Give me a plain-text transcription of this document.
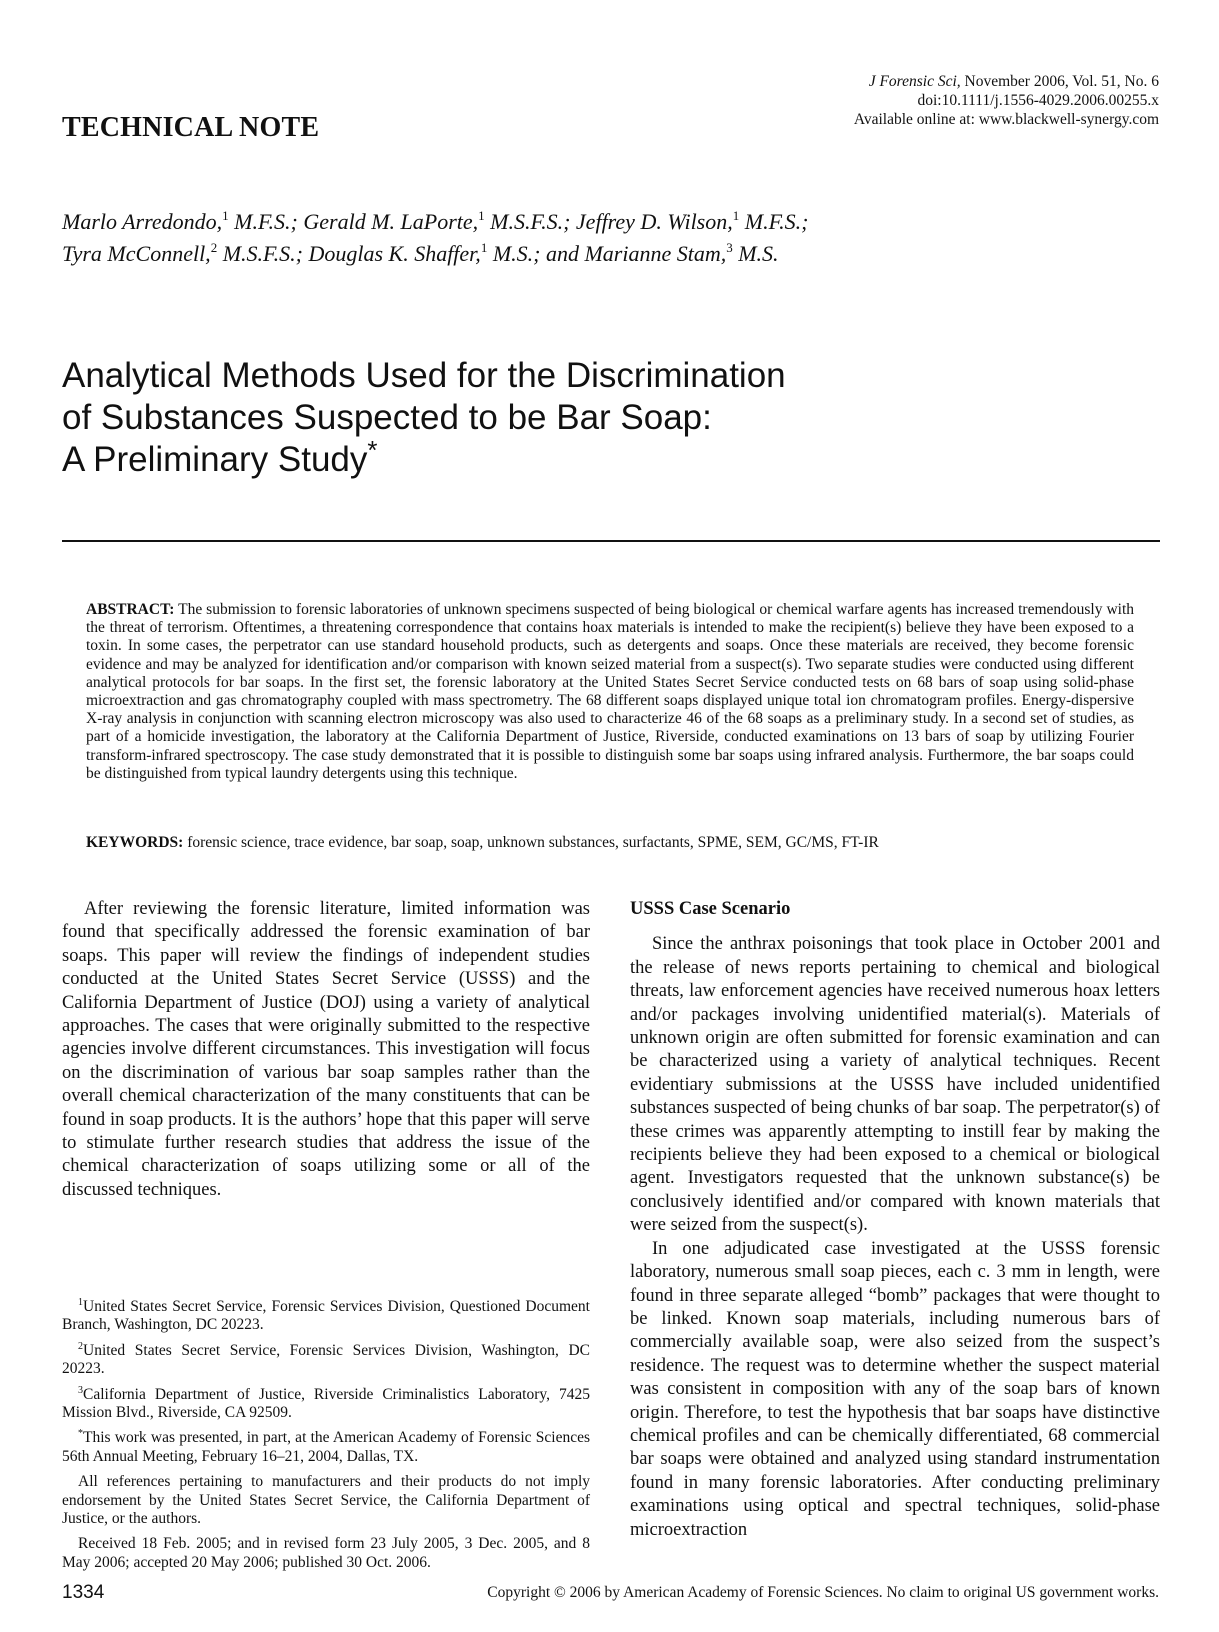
J Forensic Sci, November 2006, Vol. 51, No. 6
doi:10.1111/j.1556-4029.2006.00255.x
Available online at: www.blackwell-synergy.com
TECHNICAL NOTE
Marlo Arredondo,$^1$ M.F.S.; Gerald M. LaPorte,$^1$ M.S.F.S.; Jeffrey D. Wilson,$^1$ M.F.S.;
Tyra McConnell,$^2$ M.S.F.S.; Douglas K. Shaffer,$^1$ M.S.; and Marianne Stam,$^3$ M.S.
Analytical Methods Used for the Discrimination
of Substances Suspected to be Bar Soap:
A Preliminary Study*
ABSTRACT: The submission to forensic laboratories of unknown specimens suspected of being biological or chemical warfare agents has increased tremendously with the threat of terrorism. Oftentimes, a threatening correspondence that contains hoax materials is intended to make the recipient(s) believe they have been exposed to a toxin. In some cases, the perpetrator can use standard household products, such as detergents and soaps. Once these materials are received, they become forensic evidence and may be analyzed for identification and/or comparison with known seized material from a suspect(s). Two separate studies were conducted using different analytical protocols for bar soaps. In the first set, the forensic laboratory at the United States Secret Service conducted tests on 68 bars of soap using solid-phase microextraction and gas chromatography coupled with mass spectrometry. The 68 different soaps displayed unique total ion chromatogram profiles. Energy-dispersive X-ray analysis in conjunction with scanning electron microscopy was also used to characterize 46 of the 68 soaps as a preliminary study. In a second set of studies, as part of a homicide investigation, the laboratory at the California Department of Justice, Riverside, conducted examinations on 13 bars of soap by utilizing Fourier transform-infrared spectroscopy. The case study demonstrated that it is possible to distinguish some bar soaps using infrared analysis. Furthermore, the bar soaps could be distinguished from typical laundry detergents using this technique.
KEYWORDS: forensic science, trace evidence, bar soap, soap, unknown substances, surfactants, SPME, SEM, GC/MS, FT-IR

After reviewing the forensic literature, limited information was found that specifically addressed the forensic examination of bar soaps. This paper will review the findings of independent studies conducted at the United States Secret Service (USSS) and the California Department of Justice (DOJ) using a variety of analytical approaches. The cases that were originally submitted to the respective agencies involve different circumstances. This investigation will focus on the discrimination of various bar soap samples rather than the overall chemical characterization of the many constituents that can be found in soap products. It is the authors’ hope that this paper will serve to stimulate further research studies that address the issue of the chemical characterization of soaps utilizing some or all of the discussed techniques.

$^1$United States Secret Service, Forensic Services Division, Questioned Document Branch, Washington, DC 20223.

$^2$United States Secret Service, Forensic Services Division, Washington, DC 20223.

$^3$California Department of Justice, Riverside Criminalistics Laboratory, 7425 Mission Blvd., Riverside, CA 92509.

*This work was presented, in part, at the American Academy of Forensic Sciences 56th Annual Meeting, February 16–21, 2004, Dallas, TX.

All references pertaining to manufacturers and their products do not imply endorsement by the United States Secret Service, the California Department of Justice, or the authors.

Received 18 Feb. 2005; and in revised form 23 July 2005, 3 Dec. 2005, and 8 May 2006; accepted 20 May 2006; published 30 Oct. 2006.

USSS Case Scenario

Since the anthrax poisonings that took place in October 2001 and the release of news reports pertaining to chemical and biological threats, law enforcement agencies have received numerous hoax letters and/or packages involving unidentified material(s). Materials of unknown origin are often submitted for forensic examination and can be characterized using a variety of analytical techniques. Recent evidentiary submissions at the USSS have included unidentified substances suspected of being chunks of bar soap. The perpetrator(s) of these crimes was apparently attempting to instill fear by making the recipients believe they had been exposed to a chemical or biological agent. Investigators requested that the unknown substance(s) be conclusively identified and/or compared with known materials that were seized from the suspect(s).

In one adjudicated case investigated at the USSS forensic laboratory, numerous small soap pieces, each c. 3 mm in length, were found in three separate alleged “bomb” packages that were thought to be linked. Known soap materials, including numerous bars of commercially available soap, were also seized from the suspect’s residence. The request was to determine whether the suspect material was consistent in composition with any of the soap bars of known origin. Therefore, to test the hypothesis that bar soaps have distinctive chemical profiles and can be chemically differentiated, 68 commercial bar soaps were obtained and analyzed using standard instrumentation found in many forensic laboratories. After conducting preliminary examinations using optical and spectral techniques, solid-phase microextraction

1334	Copyright © 2006 by American Academy of Forensic Sciences. No claim to original US government works.
